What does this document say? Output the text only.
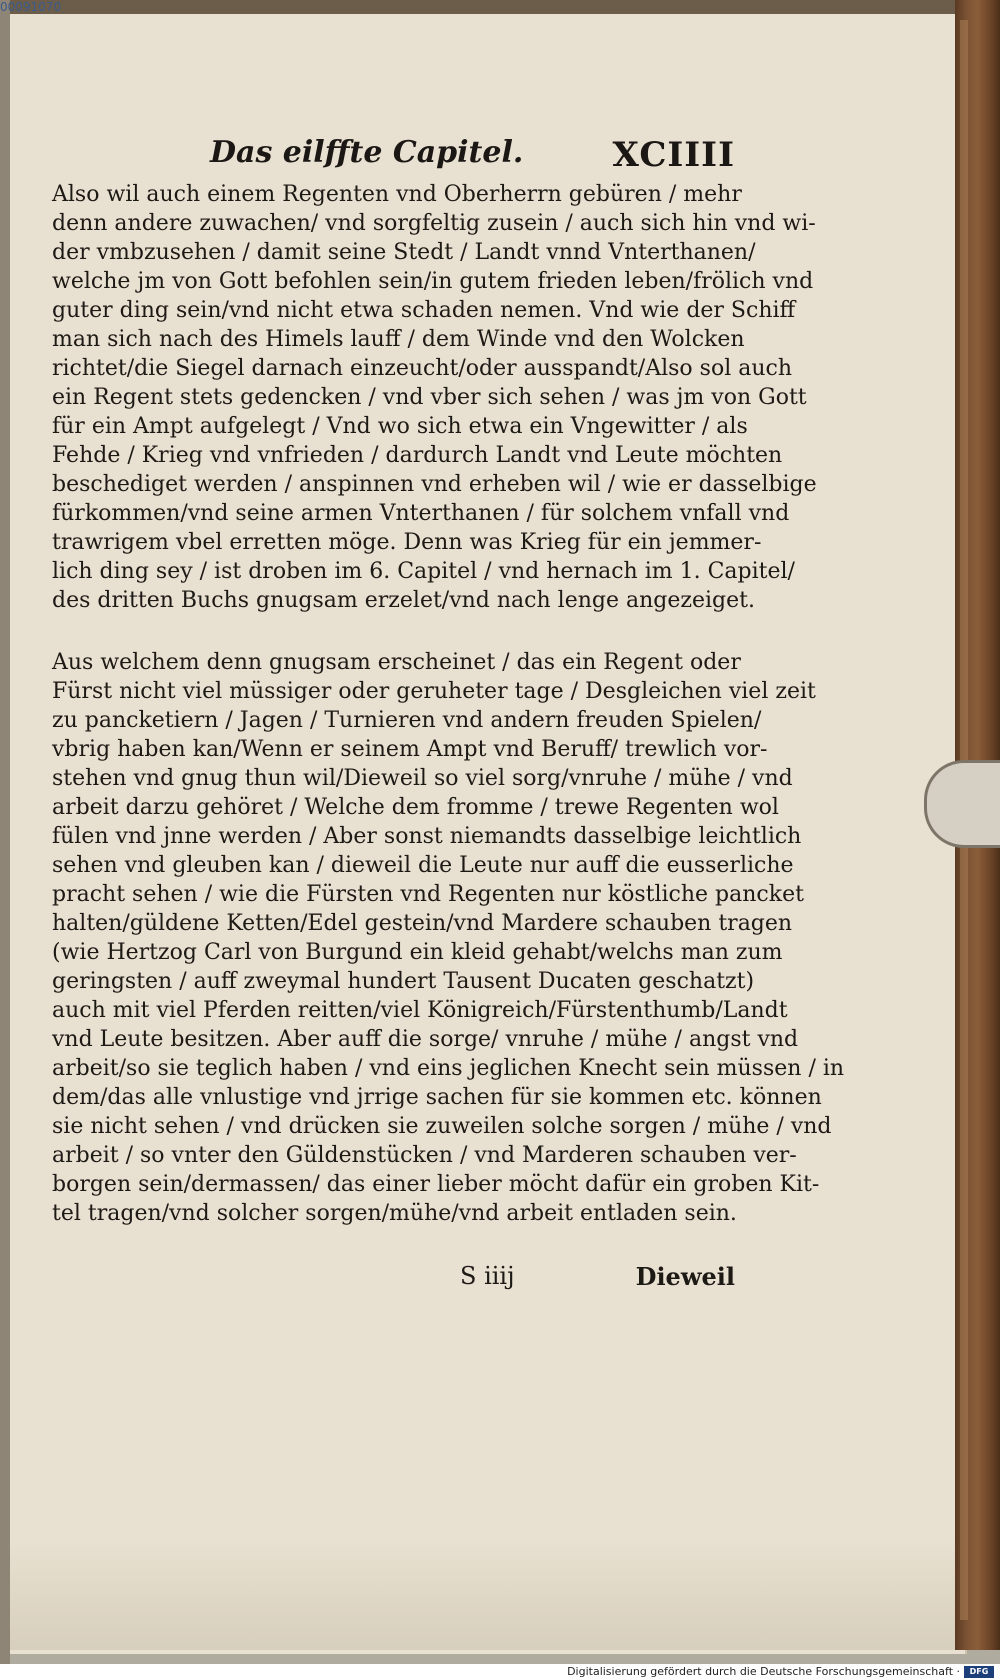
00091070
Das eilffte Capitel.	XCIIII
Also wil auch einem Regenten vnd Oberherrn gebüren / mehr
denn andere zuwachen/ vnd sorgfeltig zusein / auch sich hin vnd wi-
der vmbzusehen / damit seine Stedt / Landt vnnd Vnterthanen/
welche jm von Gott befohlen sein/in gutem frieden leben/frölich vnd
guter ding sein/vnd nicht etwa schaden nemen. Vnd wie der Schiff
man sich nach des Himels lauff / dem Winde vnd den Wolcken
richtet/die Siegel darnach einzeucht/oder ausspandt/Also sol auch
ein Regent stets gedencken / vnd vber sich sehen / was jm von Gott
für ein Ampt aufgelegt / Vnd wo sich etwa ein Vngewitter / als
Fehde / Krieg vnd vnfrieden / dardurch Landt vnd Leute möchten
beschediget werden / anspinnen vnd erheben wil / wie er dasselbige
fürkommen/vnd seine armen Vnterthanen / für solchem vnfall vnd
trawrigem vbel erretten möge. Denn was Krieg für ein jemmer-
lich ding sey / ist droben im 6. Capitel / vnd hernach im 1. Capitel/
des dritten Buchs gnugsam erzelet/vnd nach lenge angezeiget.
Aus welchem denn gnugsam erscheinet / das ein Regent oder
Fürst nicht viel müssiger oder geruheter tage / Desgleichen viel zeit
zu pancketiern / Jagen / Turnieren vnd andern freuden Spielen/
vbrig haben kan/Wenn er seinem Ampt vnd Beruff/ trewlich vor-
stehen vnd gnug thun wil/Dieweil so viel sorg/vnruhe / mühe / vnd
arbeit darzu gehöret / Welche dem fromme / trewe Regenten wol
fülen vnd jnne werden / Aber sonst niemandts dasselbige leichtlich
sehen vnd gleuben kan / dieweil die Leute nur auff die eusserliche
pracht sehen / wie die Fürsten vnd Regenten nur köstliche pancket
halten/güldene Ketten/Edel gestein/vnd Mardere schauben tragen
(wie Hertzog Carl von Burgund ein kleid gehabt/welchs man zum
geringsten / auff zweymal hundert Tausent Ducaten geschatzt)
auch mit viel Pferden reitten/viel Königreich/Fürstenthumb/Landt
vnd Leute besitzen. Aber auff die sorge/ vnruhe / mühe / angst vnd
arbeit/so sie teglich haben / vnd eins jeglichen Knecht sein müssen / in
dem/das alle vnlustige vnd jrrige sachen für sie kommen etc. können
sie nicht sehen / vnd drücken sie zuweilen solche sorgen / mühe / vnd
arbeit / so vnter den Güldenstücken / vnd Marderen schauben ver-
borgen sein/dermassen/ das einer lieber möcht dafür ein groben Kit-
tel tragen/vnd solcher sorgen/mühe/vnd arbeit entladen sein.
S iiij	Dieweil
Digitalisierung gefördert durch die Deutsche Forschungsgemeinschaft ·	DFG
